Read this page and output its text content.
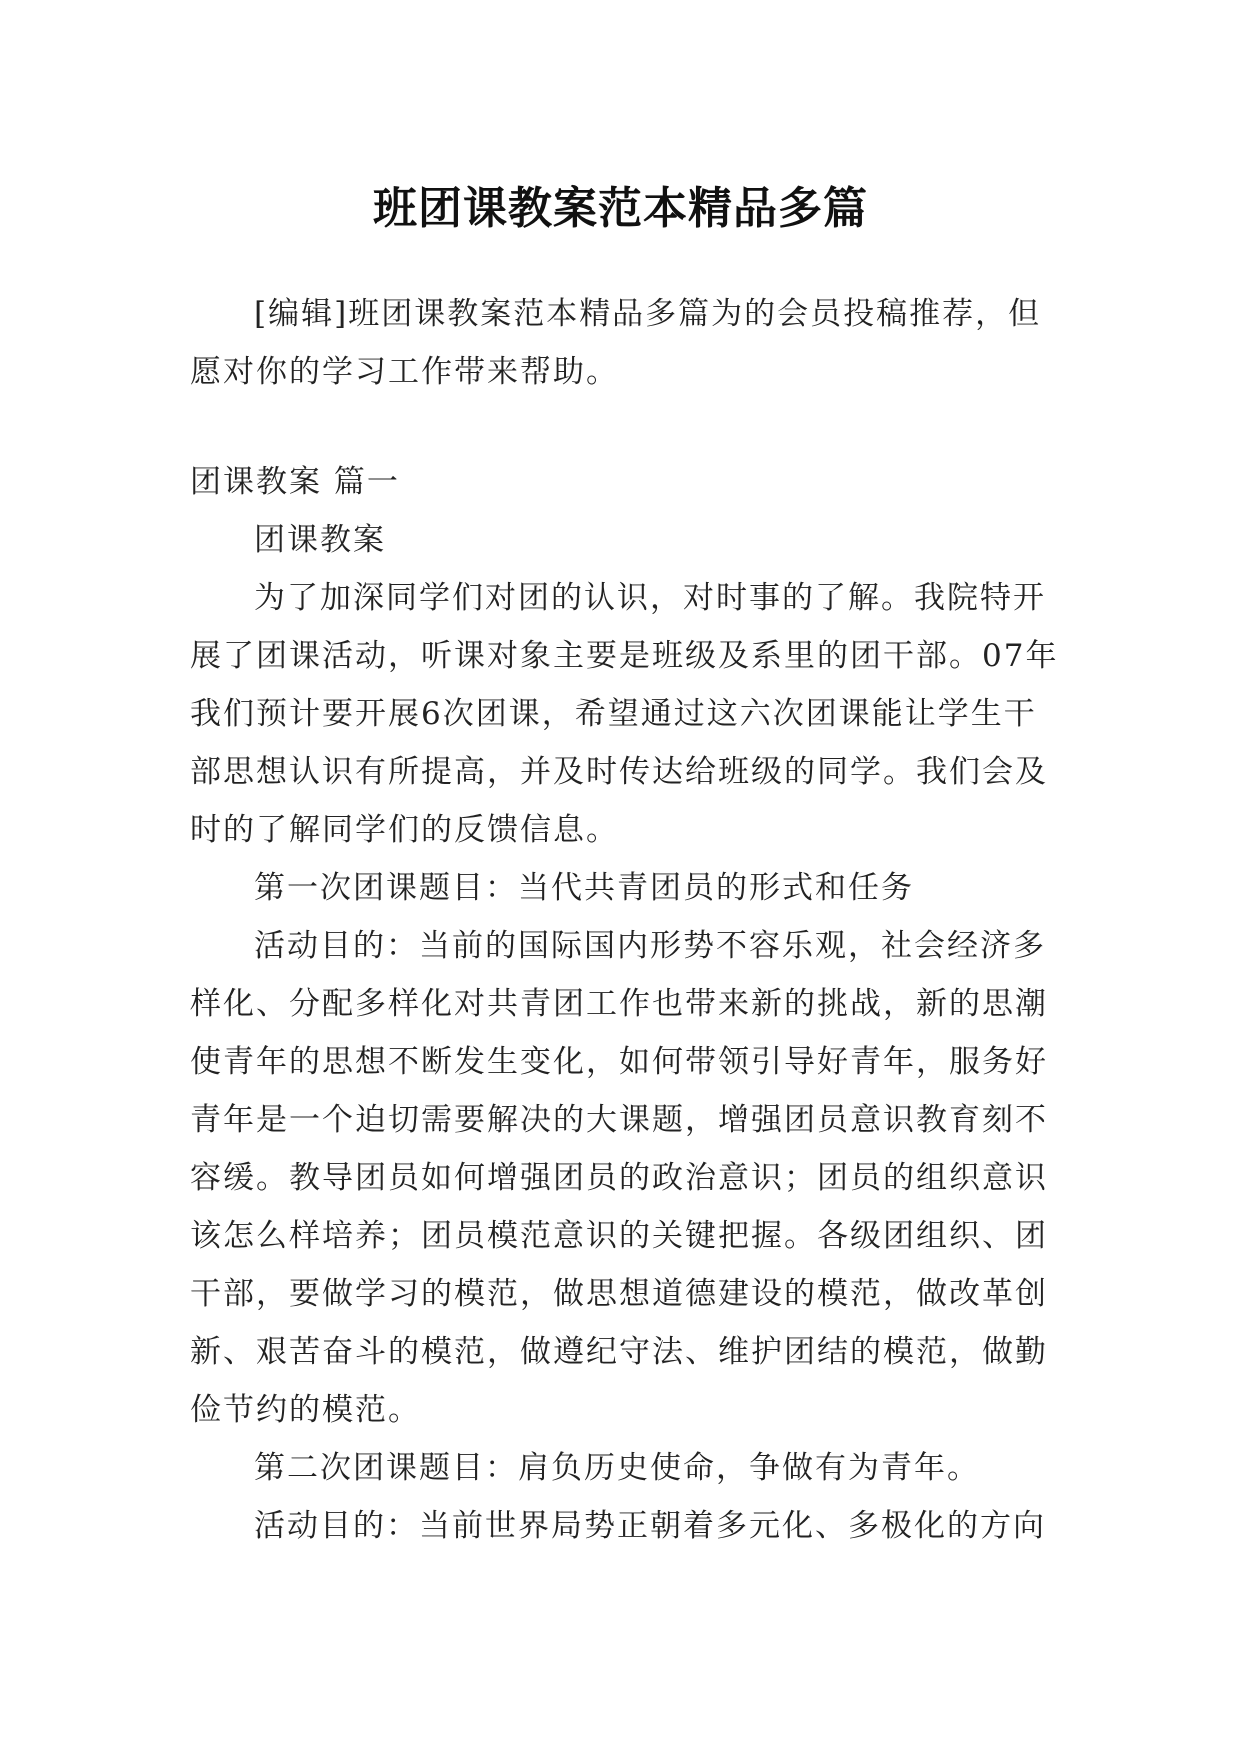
班团课教案范本精品多篇

[编辑]班团课教案范本精品多篇为的会员投稿推荐，但愿对你的学习工作带来帮助。

团课教案 篇一

团课教案

为了加深同学们对团的认识，对时事的了解。我院特开展了团课活动，听课对象主要是班级及系里的团干部。07年我们预计要开展6次团课，希望通过这六次团课能让学生干部思想认识有所提高，并及时传达给班级的同学。我们会及时的了解同学们的反馈信息。

第一次团课题目：当代共青团员的形式和任务

活动目的：当前的国际国内形势不容乐观，社会经济多样化、分配多样化对共青团工作也带来新的挑战，新的思潮使青年的思想不断发生变化，如何带领引导好青年，服务好青年是一个迫切需要解决的大课题，增强团员意识教育刻不容缓。教导团员如何增强团员的政治意识；团员的组织意识该怎么样培养；团员模范意识的关键把握。各级团组织、团干部，要做学习的模范，做思想道德建设的模范，做改革创新、艰苦奋斗的模范，做遵纪守法、维护团结的模范，做勤俭节约的模范。

第二次团课题目：肩负历史使命，争做有为青年。

活动目的：当前世界局势正朝着多元化、多极化的方向
